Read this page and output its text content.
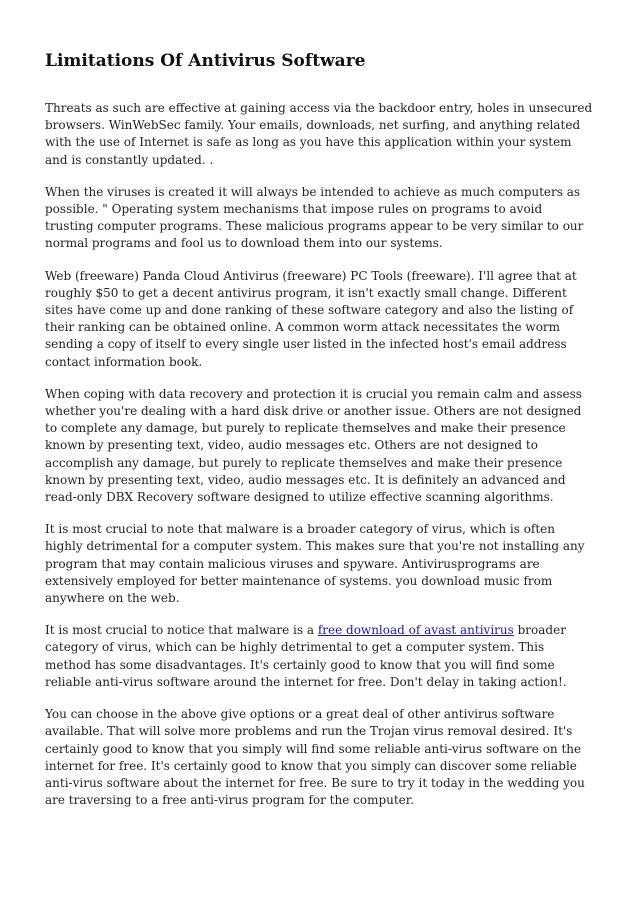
Limitations Of Antivirus Software

Threats as such are effective at gaining access via the backdoor entry, holes in unsecured browsers. WinWebSec family. Your emails, downloads, net surfing, and anything related with the use of Internet is safe as long as you have this application within your system and is constantly updated. .

When the viruses is created it will always be intended to achieve as much computers as possible. " Operating system mechanisms that impose rules on programs to avoid trusting computer programs. These malicious programs appear to be very similar to our normal programs and fool us to download them into our systems.

Web (freeware) Panda Cloud Antivirus (freeware) PC Tools (freeware). I'll agree that at roughly $50 to get a decent antivirus program, it isn't exactly small change. Different sites have come up and done ranking of these software category and also the listing of their ranking can be obtained online. A common worm attack necessitates the worm sending a copy of itself to every single user listed in the infected host's email address contact information book.

When coping with data recovery and protection it is crucial you remain calm and assess whether you're dealing with a hard disk drive or another issue. Others are not designed to complete any damage, but purely to replicate themselves and make their presence known by presenting text, video, audio messages etc. Others are not designed to accomplish any damage, but purely to replicate themselves and make their presence known by presenting text, video, audio messages etc. It is definitely an advanced and read-only DBX Recovery software designed to utilize effective scanning algorithms.

It is most crucial to note that malware is a broader category of virus, which is often highly detrimental for a computer system. This makes sure that you're not installing any program that may contain malicious viruses and spyware. Antivirusprograms are extensively employed for better maintenance of systems. you download music from anywhere on the web.

It is most crucial to notice that malware is a free download of avast antivirus broader category of virus, which can be highly detrimental to get a computer system. This method has some disadvantages. It's certainly good to know that you will find some reliable anti-virus software around the internet for free. Don't delay in taking action!.

You can choose in the above give options or a great deal of other antivirus software available. That will solve more problems and run the Trojan virus removal desired. It's certainly good to know that you simply will find some reliable anti-virus software on the internet for free. It's certainly good to know that you simply can discover some reliable anti-virus software about the internet for free. Be sure to try it today in the wedding you are traversing to a free anti-virus program for the computer.
